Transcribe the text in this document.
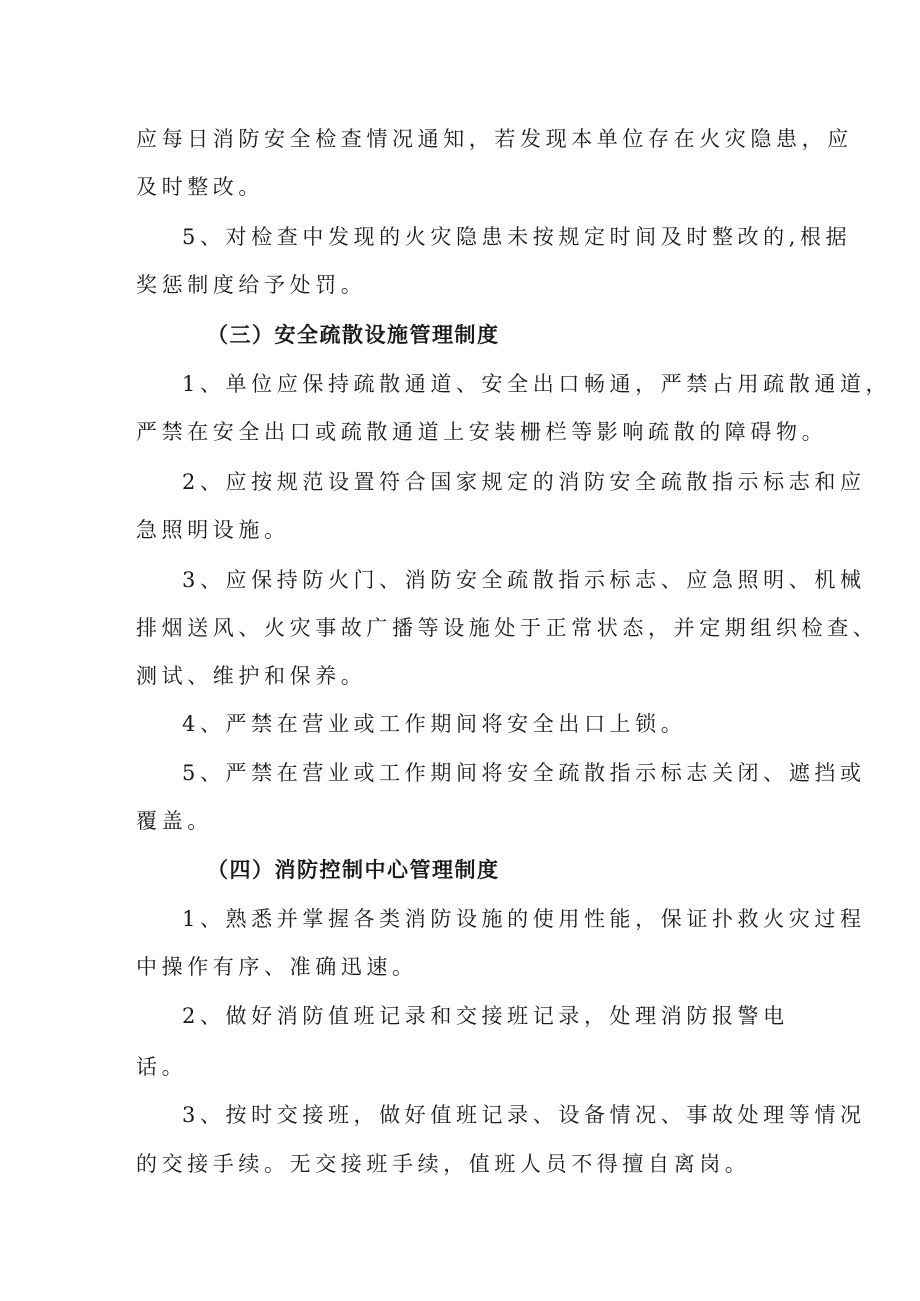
应每日消防安全检查情况通知，若发现本单位存在火灾隐患，应

及时整改。

5、对检查中发现的火灾隐患未按规定时间及时整改的,根据

奖惩制度给予处罚。

（三）安全疏散设施管理制度

1、单位应保持疏散通道、安全出口畅通，严禁占用疏散通道，

严禁在安全出口或疏散通道上安装栅栏等影响疏散的障碍物。

2、应按规范设置符合国家规定的消防安全疏散指示标志和应

急照明设施。

3、应保持防火门、消防安全疏散指示标志、应急照明、机械

排烟送风、火灾事故广播等设施处于正常状态，并定期组织检查、

测试、维护和保养。

4、严禁在营业或工作期间将安全出口上锁。

5、严禁在营业或工作期间将安全疏散指示标志关闭、遮挡或

覆盖。

（四）消防控制中心管理制度

1、熟悉并掌握各类消防设施的使用性能，保证扑救火灾过程

中操作有序、准确迅速。

2、做好消防值班记录和交接班记录，处理消防报警电

话。

3、按时交接班，做好值班记录、设备情况、事故处理等情况

的交接手续。无交接班手续，值班人员不得擅自离岗。
